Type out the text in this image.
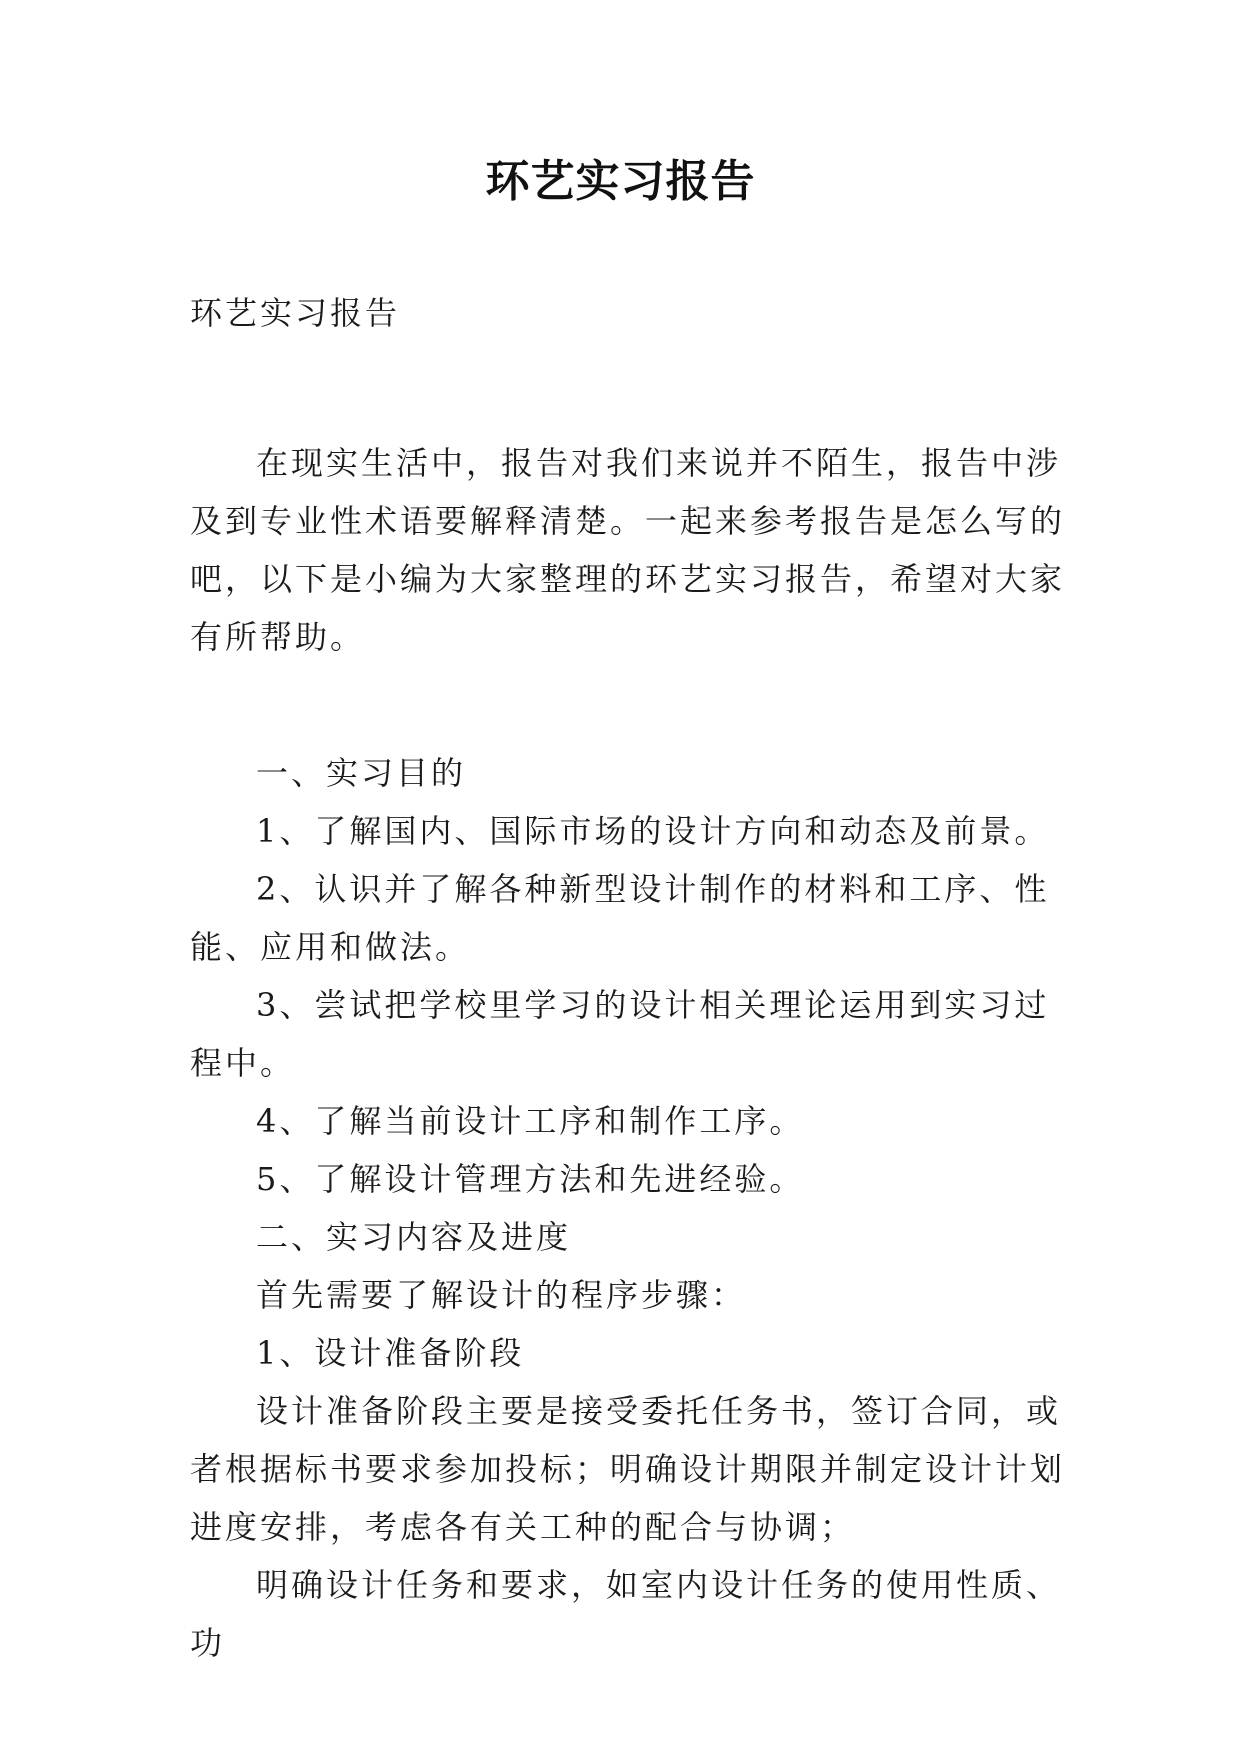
环艺实习报告

环艺实习报告

在现实生活中，报告对我们来说并不陌生，报告中涉及到专业性术语要解释清楚。一起来参考报告是怎么写的吧，以下是小编为大家整理的环艺实习报告，希望对大家有所帮助。

一、实习目的

1、了解国内、国际市场的设计方向和动态及前景。

2、认识并了解各种新型设计制作的材料和工序、性能、应用和做法。

3、尝试把学校里学习的设计相关理论运用到实习过程中。

4、了解当前设计工序和制作工序。

5、了解设计管理方法和先进经验。

二、实习内容及进度

首先需要了解设计的程序步骤：

1、设计准备阶段

设计准备阶段主要是接受委托任务书，签订合同，或者根据标书要求参加投标；明确设计期限并制定设计计划进度安排，考虑各有关工种的配合与协调；

明确设计任务和要求，如室内设计任务的使用性质、功
